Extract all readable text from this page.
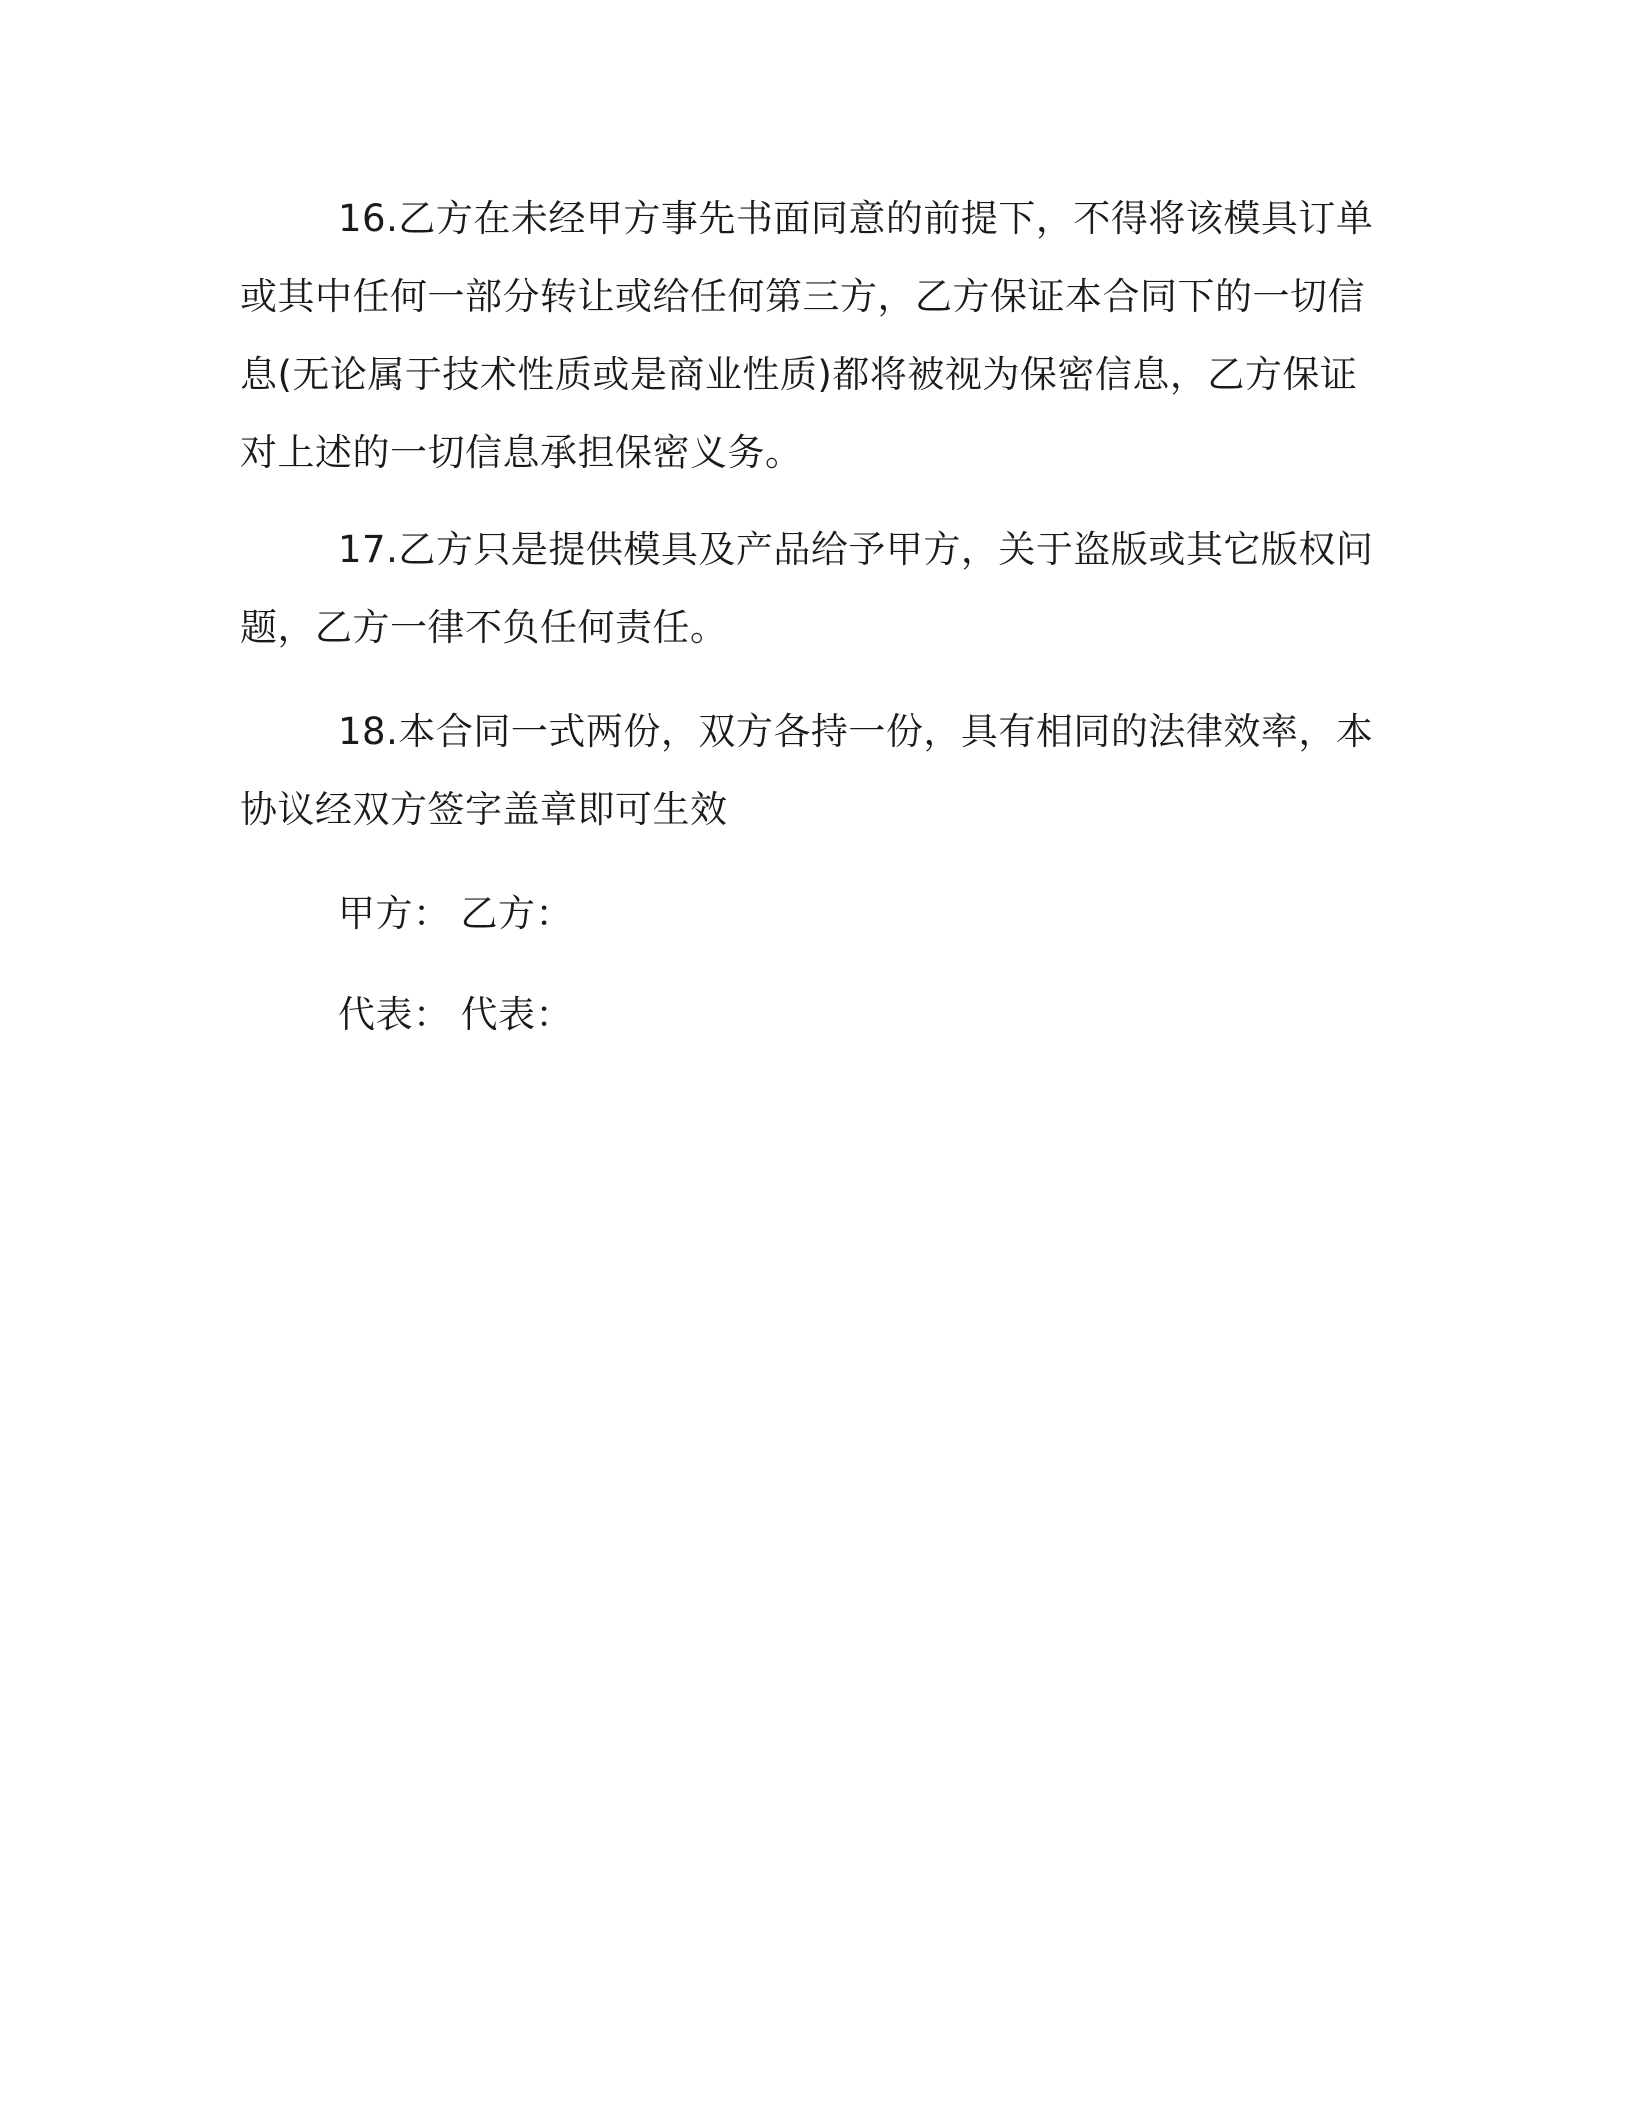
16.乙方在未经甲方事先书面同意的前提下，不得将该模具订单或其中任何一部分转让或给任何第三方，乙方保证本合同下的一切信息(无论属于技术性质或是商业性质)都将被视为保密信息，乙方保证对上述的一切信息承担保密义务。

17.乙方只是提供模具及产品给予甲方，关于盗版或其它版权问题，乙方一律不负任何责任。

18.本合同一式两份，双方各持一份，具有相同的法律效率，本协议经双方签字盖章即可生效

甲方： 乙方：

代表： 代表：
